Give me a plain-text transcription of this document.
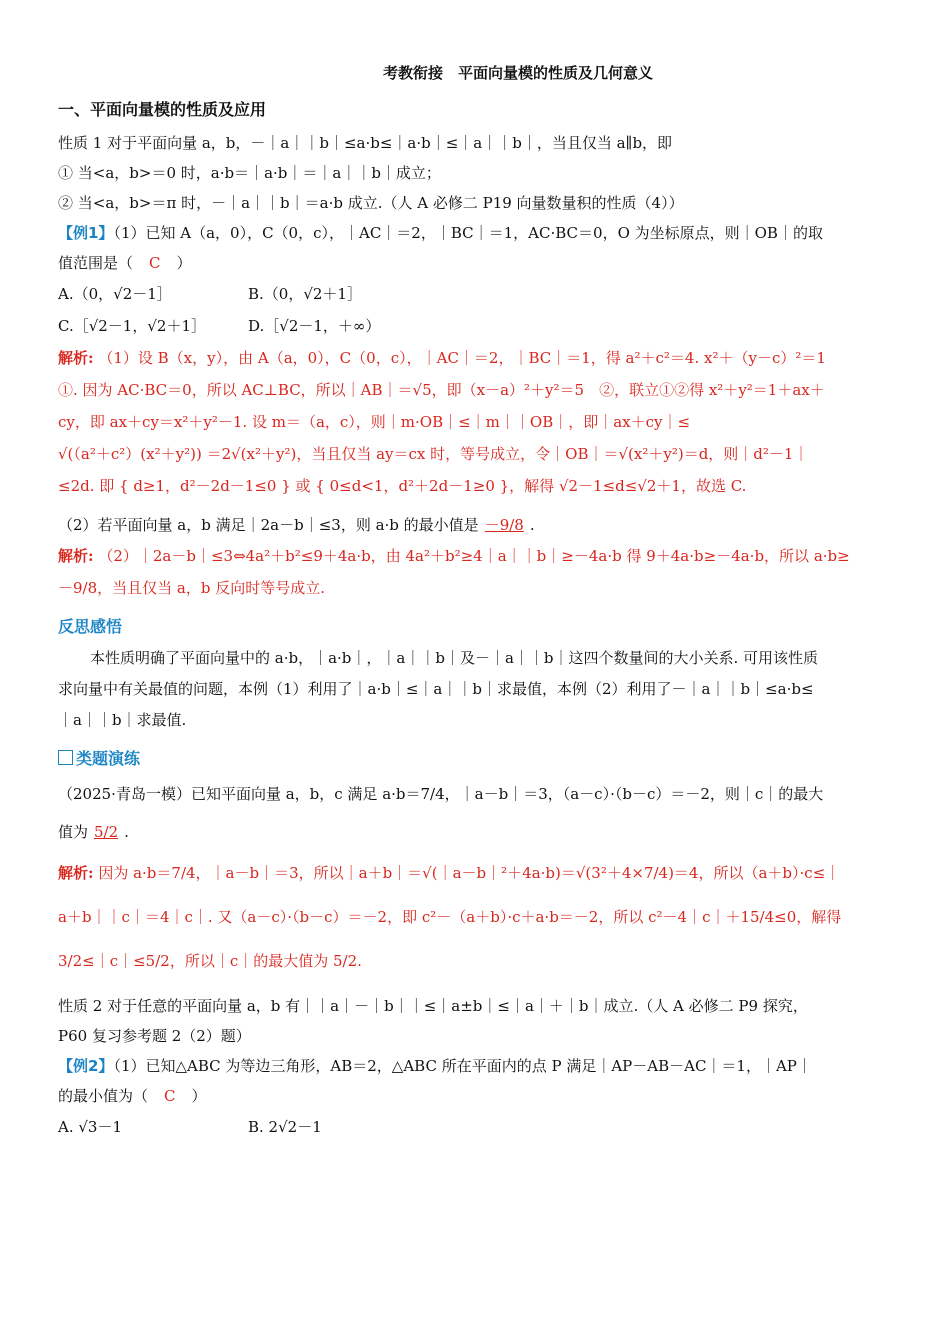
考教衔接　平面向量模的性质及几何意义
一、平面向量模的性质及应用
性质 1 对于平面向量 a，b，－｜a｜｜b｜≤a·b≤｜a·b｜≤｜a｜｜b｜，当且仅当 a∥b，即
① 当<a，b>＝0 时，a·b＝｜a·b｜＝｜a｜｜b｜成立；
② 当<a，b>＝π 时，－｜a｜｜b｜＝a·b 成立.（人 A 必修二 P19 向量数量积的性质（4））
【例1】（1）已知 A（a，0），C（0，c），｜AC｜＝2，｜BC｜＝1，AC·BC＝0，O 为坐标原点，则｜OB｜的取
值范围是（ C ）
A.（0，√2－1］	B.（0，√2＋1］
C.［√2－1，√2＋1］	D.［√2－1，＋∞）
解析: （1）设 B（x，y），由 A（a，0），C（0，c），｜AC｜＝2，｜BC｜＝1，得 a²＋c²＝4. x²＋（y－c）²＝1
①. 因为 AC·BC＝0，所以 AC⊥BC，所以｜AB｜＝√5，即（x－a）²＋y²＝5　②，联立①②得 x²＋y²＝1＋ax＋
cy，即 ax＋cy＝x²＋y²－1. 设 m＝（a，c），则｜m·OB｜≤｜m｜｜OB｜，即｜ax＋cy｜≤
√(（a²＋c²）(x²＋y²)) ＝2√(x²＋y²)，当且仅当 ay＝cx 时，等号成立，令｜OB｜＝√(x²＋y²)＝d，则｜d²－1｜
≤2d. 即 { d≥1，d²－2d－1≤0 } 或 { 0≤d<1，d²＋2d－1≥0 }，解得 √2－1≤d≤√2＋1，故选 C.
（2）若平面向量 a，b 满足｜2a－b｜≤3，则 a·b 的最小值是 －9/8 .
解析: （2）｜2a－b｜≤3⇔4a²＋b²≤9＋4a·b，由 4a²＋b²≥4｜a｜｜b｜≥－4a·b 得 9＋4a·b≥－4a·b，所以 a·b≥
－9/8，当且仅当 a，b 反向时等号成立.
反思感悟
本性质明确了平面向量中的 a·b，｜a·b｜，｜a｜｜b｜及－｜a｜｜b｜这四个数量间的大小关系. 可用该性质
求向量中有关最值的问题，本例（1）利用了｜a·b｜≤｜a｜｜b｜求最值，本例（2）利用了－｜a｜｜b｜≤a·b≤
｜a｜｜b｜求最值.
类题演练
（2025·青岛一模）已知平面向量 a，b，c 满足 a·b＝7/4，｜a－b｜＝3，（a－c）·（b－c）＝－2，则｜c｜的最大
值为 5/2 .
解析: 因为 a·b＝7/4，｜a－b｜＝3，所以｜a＋b｜＝√(｜a－b｜²＋4a·b)＝√(3²＋4×7/4)＝4，所以（a＋b）·c≤｜
a＋b｜｜c｜＝4｜c｜. 又（a－c）·（b－c）＝－2，即 c²－（a＋b）·c＋a·b＝－2，所以 c²－4｜c｜＋15/4≤0，解得
3/2≤｜c｜≤5/2，所以｜c｜的最大值为 5/2.
性质 2 对于任意的平面向量 a，b 有｜｜a｜－｜b｜｜≤｜a±b｜≤｜a｜＋｜b｜成立.（人 A 必修二 P9 探究，
P60 复习参考题 2（2）题）
【例2】（1）已知△ABC 为等边三角形，AB＝2，△ABC 所在平面内的点 P 满足｜AP－AB－AC｜＝1，｜AP｜
的最小值为（ C ）
A. √3－1	B. 2√2－1
